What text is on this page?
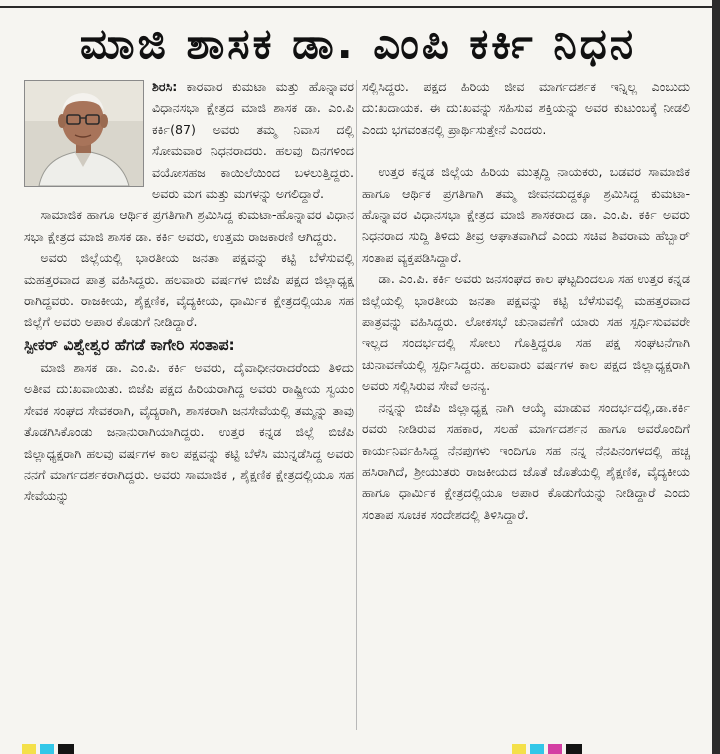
ಮಾಜಿ ಶಾಸಕ ಡಾ. ಎಂಪಿ ಕರ್ಕಿ ನಿಧನ

ಶಿರಸಿ: ಕಾರವಾರ ಕುಮಟಾ ಮತ್ತು ಹೊನ್ನಾವರ ವಿಧಾನಸಭಾ ಕ್ಷೇತ್ರದ ಮಾಜಿ ಶಾಸಕ ಡಾ. ಎಂ.ಪಿ ಕರ್ಕಿ(87) ಅವರು ತಮ್ಮ ನಿವಾಸ ದಲ್ಲಿ ಸೋಮವಾರ ನಿಧನರಾದರು. ಹಲವು ದಿನಗಳಿಂದ ವಯೋಸಹಜ ಕಾಯಿಲೆಯಿಂದ ಬಳಲುತ್ತಿದ್ದರು. ಅವರು ಮಗ ಮತ್ತು ಮಗಳನ್ನು ಅಗಲಿದ್ದಾರೆ.

ಸಾಮಾಜಿಕ ಹಾಗೂ ಆರ್ಥಿಕ ಪ್ರಗತಿಗಾಗಿ ಶ್ರಮಿಸಿದ್ದ ಕುಮಟಾ-ಹೊನ್ನಾವರ ವಿಧಾನ ಸಭಾ ಕ್ಷೇತ್ರದ ಮಾಜಿ ಶಾಸಕ ಡಾ. ಕರ್ಕಿ ಅವರು, ಉತ್ತಮ ರಾಜಕಾರಣಿ ಆಗಿದ್ದರು.

ಅವರು ಜಿಲ್ಲೆಯಲ್ಲಿ ಭಾರತೀಯ ಜನತಾ ಪಕ್ಷವನ್ನು ಕಟ್ಟಿ ಬೆಳೆಸುವಲ್ಲಿ ಮಹತ್ತರವಾದ ಪಾತ್ರ ವಹಿಸಿದ್ದರು. ಹಲವಾರು ವರ್ಷಗಳ ಬಿಜೆಪಿ ಪಕ್ಷದ ಜಿಲ್ಲಾಧ್ಯಕ್ಷ ರಾಗಿದ್ದವರು. ರಾಜಕೀಯ, ಶೈಕ್ಷಣಿಕ, ವೈದ್ಯಕೀಯ, ಧಾರ್ಮಿಕ ಕ್ಷೇತ್ರದಲ್ಲಿಯೂ ಸಹ ಜಿಲ್ಲೆಗೆ ಅವರು ಅಪಾರ ಕೊಡುಗೆ ನೀಡಿದ್ದಾರೆ.

ಸ್ಪೀಕರ್ ವಿಶ್ವೇಶ್ವರ ಹೆಗಡೆ ಕಾಗೇರಿ ಸಂತಾಪ:

ಮಾಜಿ ಶಾಸಕ ಡಾ. ಎಂ.ಪಿ. ಕರ್ಕಿ ಅವರು, ದೈವಾಧೀನರಾದರೆಂದು ತಿಳಿದು ಅತೀವ ದು:ಖವಾಯಿತು. ಬಿಜೆಪಿ ಪಕ್ಷದ ಹಿರಿಯರಾಗಿದ್ದ ಅವರು ರಾಷ್ಟ್ರೀಯ ಸ್ವಯಂ ಸೇವಕ ಸಂಘದ ಸೇವಕರಾಗಿ, ವೈದ್ಯರಾಗಿ, ಶಾಸಕರಾಗಿ ಜನಸೇವೆಯಲ್ಲಿ ತಮ್ಮನ್ನು ತಾವು ತೊಡಗಿಸಿಕೊಂಡು ಜನಾನುರಾಗಿಯಾಗಿದ್ದರು. ಉತ್ತರ ಕನ್ನಡ ಜಿಲ್ಲೆ ಬಿಜೆಪಿ ಜಿಲ್ಲಾಧ್ಯಕ್ಷರಾಗಿ ಹಲವು ವರ್ಷಗಳ ಕಾಲ ಪಕ್ಷವನ್ನು ಕಟ್ಟಿ ಬೆಳೆಸಿ ಮುನ್ನಡೆಸಿದ್ದ ಅವರು ನನಗೆ ಮಾರ್ಗದರ್ಶಕರಾಗಿದ್ದರು. ಅವರು ಸಾಮಾಜಿಕ , ಶೈಕ್ಷಣಿಕ ಕ್ಷೇತ್ರದಲ್ಲಿಯೂ ಸಹ ಸೇವೆಯನ್ನು

ಸಲ್ಲಿಸಿದ್ದರು. ಪಕ್ಷದ ಹಿರಿಯ ಜೀವ ಮಾರ್ಗದರ್ಶಕ ಇನ್ನಿಲ್ಲ ಎಂಬುದು ದು:ಖದಾಯಕ. ಈ ದು:ಖವನ್ನು ಸಹಿಸುವ ಶಕ್ತಿಯನ್ನು ಅವರ ಕುಟುಂಬಕ್ಕೆ ನೀಡಲಿ ಎಂದು ಭಗವಂತನಲ್ಲಿ ಪ್ರಾರ್ಥಿಸುತ್ತೇನೆ ಎಂದರು.

ಉತ್ತರ ಕನ್ನಡ ಜಿಲ್ಲೆಯ ಹಿರಿಯ ಮುತ್ಸದ್ದಿ ನಾಯಕರು, ಬಡವರ ಸಾಮಾಜಿಕ ಹಾಗೂ ಆರ್ಥಿಕ ಪ್ರಗತಿಗಾಗಿ ತಮ್ಮ ಜೀವನದುದ್ದಕ್ಕೂ ಶ್ರಮಿಸಿದ್ದ ಕುಮಟಾ- ಹೊನ್ನಾವರ ವಿಧಾನಸಭಾ ಕ್ಷೇತ್ರದ ಮಾಜಿ ಶಾಸಕರಾದ ಡಾ. ಎಂ.ಪಿ. ಕರ್ಕಿ ಅವರು ನಿಧನರಾದ ಸುದ್ದಿ ತಿಳಿದು ತೀವ್ರ ಆಘಾತವಾಗಿದೆ ಎಂದು ಸಚಿವ ಶಿವರಾಮ ಹೆಬ್ಬಾರ್ ಸಂತಾಪ ವ್ಯಕ್ತಪಡಿಸಿದ್ದಾರೆ.

ಡಾ. ಎಂ.ಪಿ. ಕರ್ಕಿ ಅವರು ಜನಸಂಘದ ಕಾಲ ಘಟ್ಟದಿಂದಲೂ ಸಹ ಉತ್ತರ ಕನ್ನಡ ಜಿಲ್ಲೆಯಲ್ಲಿ ಭಾರತೀಯ ಜನತಾ ಪಕ್ಷವನ್ನು ಕಟ್ಟಿ ಬೆಳೆಸುವಲ್ಲಿ ಮಹತ್ತರವಾದ ಪಾತ್ರವನ್ನು ವಹಿಸಿದ್ದರು. ಲೋಕಸಭೆ ಚುನಾವಣೆಗೆ ಯಾರು ಸಹ ಸ್ಪರ್ಧಿಸುವವರೇ ಇಲ್ಲದ ಸಂದರ್ಭದಲ್ಲಿ ಸೋಲು ಗೊತ್ತಿದ್ದರೂ ಸಹ ಪಕ್ಷ ಸಂಘಟನೆಗಾಗಿ ಚುನಾವಣೆಯಲ್ಲಿ ಸ್ಪರ್ಧಿಸಿದ್ದರು. ಹಲವಾರು ವರ್ಷಗಳ ಕಾಲ ಪಕ್ಷದ ಜಿಲ್ಲಾಧ್ಯಕ್ಷರಾಗಿ ಅವರು ಸಲ್ಲಿಸಿರುವ ಸೇವೆ ಅನನ್ಯ.

ನನ್ನನ್ನು ಬಿಜೆಪಿ ಜಿಲ್ಲಾಧ್ಯಕ್ಷ ನಾಗಿ ಆಯ್ಕೆ ಮಾಡುವ ಸಂದರ್ಭದಲ್ಲಿ,ಡಾ.ಕರ್ಕಿ ರವರು ನೀಡಿರುವ ಸಹಕಾರ, ಸಲಹೆ ಮಾರ್ಗದರ್ಶನ ಹಾಗೂ ಅವರೊಂದಿಗೆ ಕಾರ್ಯನಿರ್ವಹಿಸಿದ್ದ ನೆನಪುಗಳು ಇಂದಿಗೂ ಸಹ ನನ್ನ ನೆನಪಿನಂಗಳದಲ್ಲಿ ಹಚ್ಚ ಹಸಿರಾಗಿದೆ, ಶ್ರೀಯುತರು ರಾಜಕೀಯದ ಜೊತೆ ಜೊತೆಯಲ್ಲಿ ಶೈಕ್ಷಣಿಕ, ವೈದ್ಯಕೀಯ ಹಾಗೂ ಧಾರ್ಮಿಕ ಕ್ಷೇತ್ರದಲ್ಲಿಯೂ ಅಪಾರ ಕೊಡುಗೆಯನ್ನು ನೀಡಿದ್ದಾರೆ ಎಂದು ಸಂತಾಪ ಸೂಚಕ ಸಂದೇಶದಲ್ಲಿ ತಿಳಿಸಿದ್ದಾರೆ.
